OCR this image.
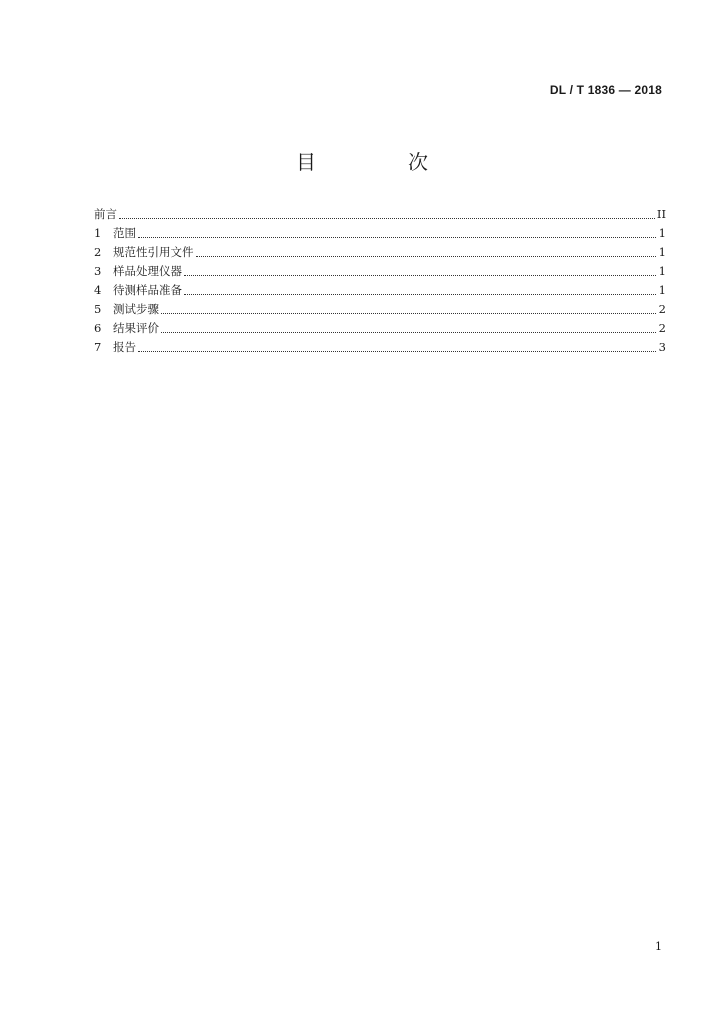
DL / T 1836 — 2018
目　次
前言	II
1	范围	1
2	规范性引用文件	1
3	样品处理仪器	1
4	待测样品准备	1
5	测试步骤	2
6	结果评价	2
7	报告	3
1
